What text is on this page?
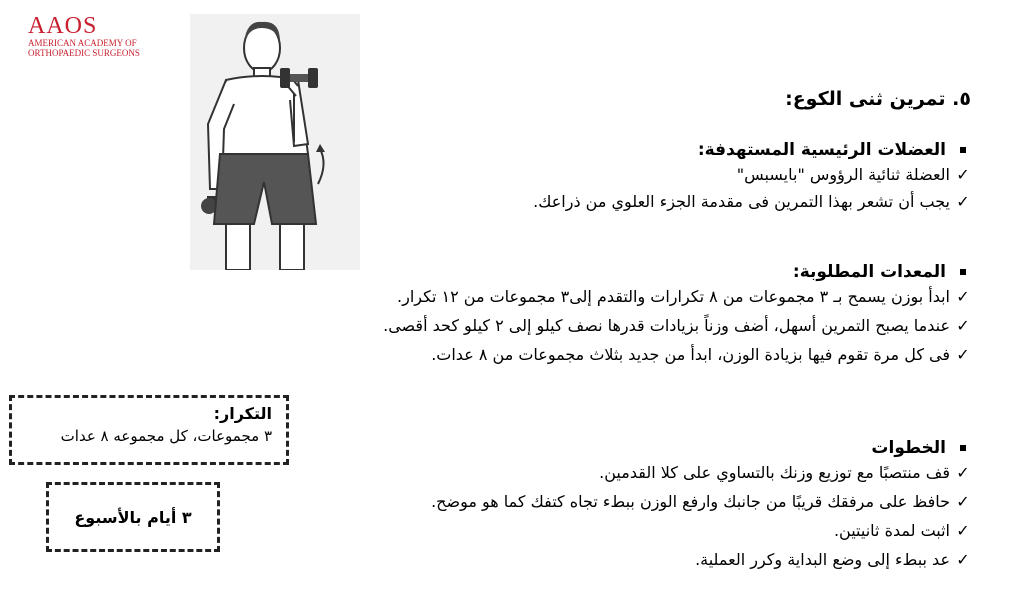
AAOS
AMERICAN ACADEMY OF
ORTHOPAEDIC SURGEONS
٥. تمرين ثنى الكوع:
العضلات الرئيسية المستهدفة:
✓العضلة ثنائية الرؤوس "بايسبس"
✓يجب أن تشعر بهذا التمرين فى مقدمة الجزء العلوي من ذراعك.
المعدات المطلوبة:
✓ابدأ بوزن يسمح بـ ٣ مجموعات من ٨ تكرارات والتقدم إلى٣ مجموعات من ١٢ تكرار.
✓عندما يصبح التمرين أسهل، أضف وزناً بزيادات قدرها نصف كيلو إلى ٢ كيلو كحد أقصى.
✓فى كل مرة تقوم فيها بزيادة الوزن، ابدأ من جديد بثلاث مجموعات من ٨ عدات.
الخطوات
✓قف منتصبًا مع توزيع وزنك بالتساوي على كلا القدمين.
✓حافظ على مرفقك قريبًا من جانبك وارفع الوزن ببطء تجاه كتفك كما هو موضح.
✓اثبت لمدة ثانيتين.
✓عد ببطء إلى وضع البداية وكرر العملية.
التكرار:
٣ مجموعات، كل مجموعه ٨ عدات
٣ أيام بالأسبوع
